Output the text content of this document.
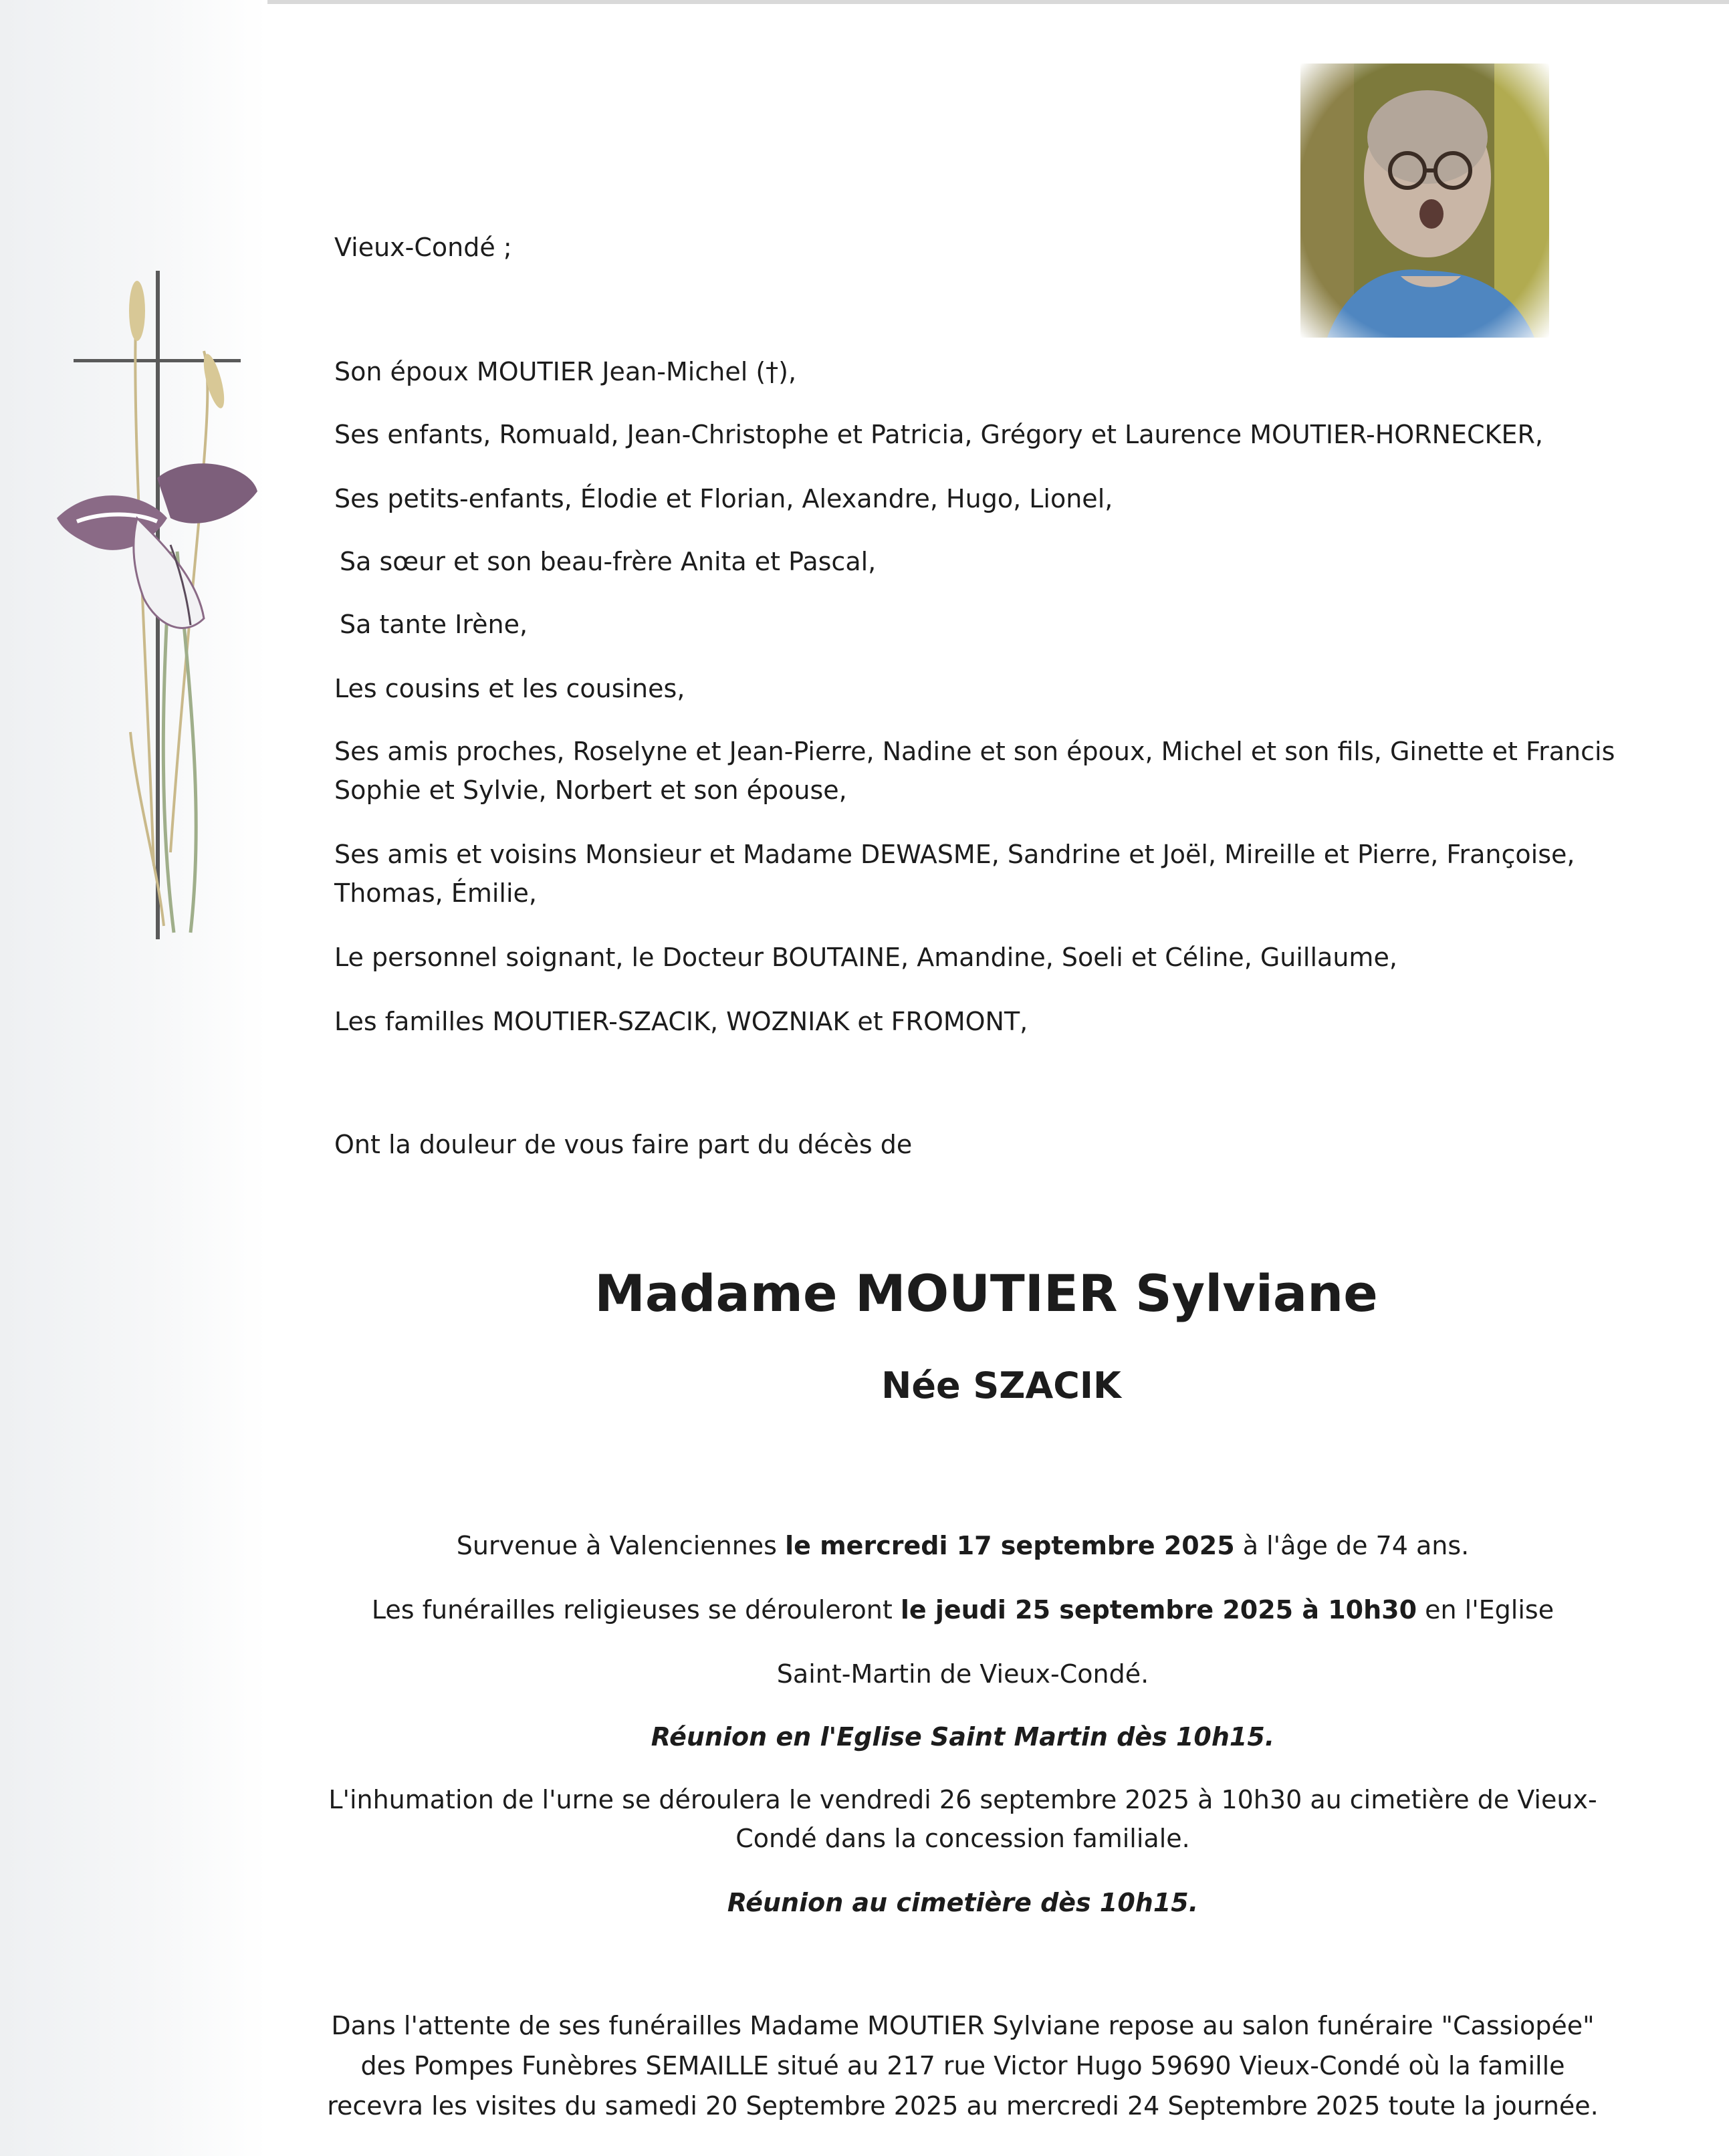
Vieux-Condé ;

Son époux MOUTIER Jean-Michel (†),

Ses enfants, Romuald, Jean-Christophe et Patricia, Grégory et Laurence MOUTIER-HORNECKER,

Ses petits-enfants, Élodie et Florian, Alexandre, Hugo, Lionel,

Sa sœur et son beau-frère Anita et Pascal,

Sa tante Irène,

Les cousins et les cousines,

Ses amis proches, Roselyne et Jean-Pierre, Nadine et son époux, Michel et son fils, Ginette et Francis

Sophie et Sylvie, Norbert et son épouse,

Ses amis et voisins Monsieur et Madame DEWASME, Sandrine et Joël, Mireille et Pierre, Françoise,

Thomas, Émilie,

Le personnel soignant, le Docteur BOUTAINE, Amandine, Soeli et Céline, Guillaume,

Les familles MOUTIER-SZACIK, WOZNIAK et FROMONT,

Ont la douleur de vous faire part du décès de

Madame MOUTIER Sylviane

Née SZACIK

Survenue à Valenciennes le mercredi 17 septembre 2025 à l'âge de 74 ans.

Les funérailles religieuses se dérouleront le jeudi 25 septembre 2025 à 10h30 en l'Eglise

Saint-Martin de Vieux-Condé.

Réunion en l'Eglise Saint Martin dès 10h15.

L'inhumation de l'urne se déroulera le vendredi 26 septembre 2025 à 10h30 au cimetière de Vieux-

Condé dans la concession familiale.

Réunion au cimetière dès 10h15.

Dans l'attente de ses funérailles Madame MOUTIER Sylviane repose au salon funéraire "Cassiopée"

des Pompes Funèbres SEMAILLE situé au 217 rue Victor Hugo 59690 Vieux-Condé où la famille

recevra les visites du samedi 20 Septembre 2025 au mercredi 24 Septembre 2025 toute la journée.
